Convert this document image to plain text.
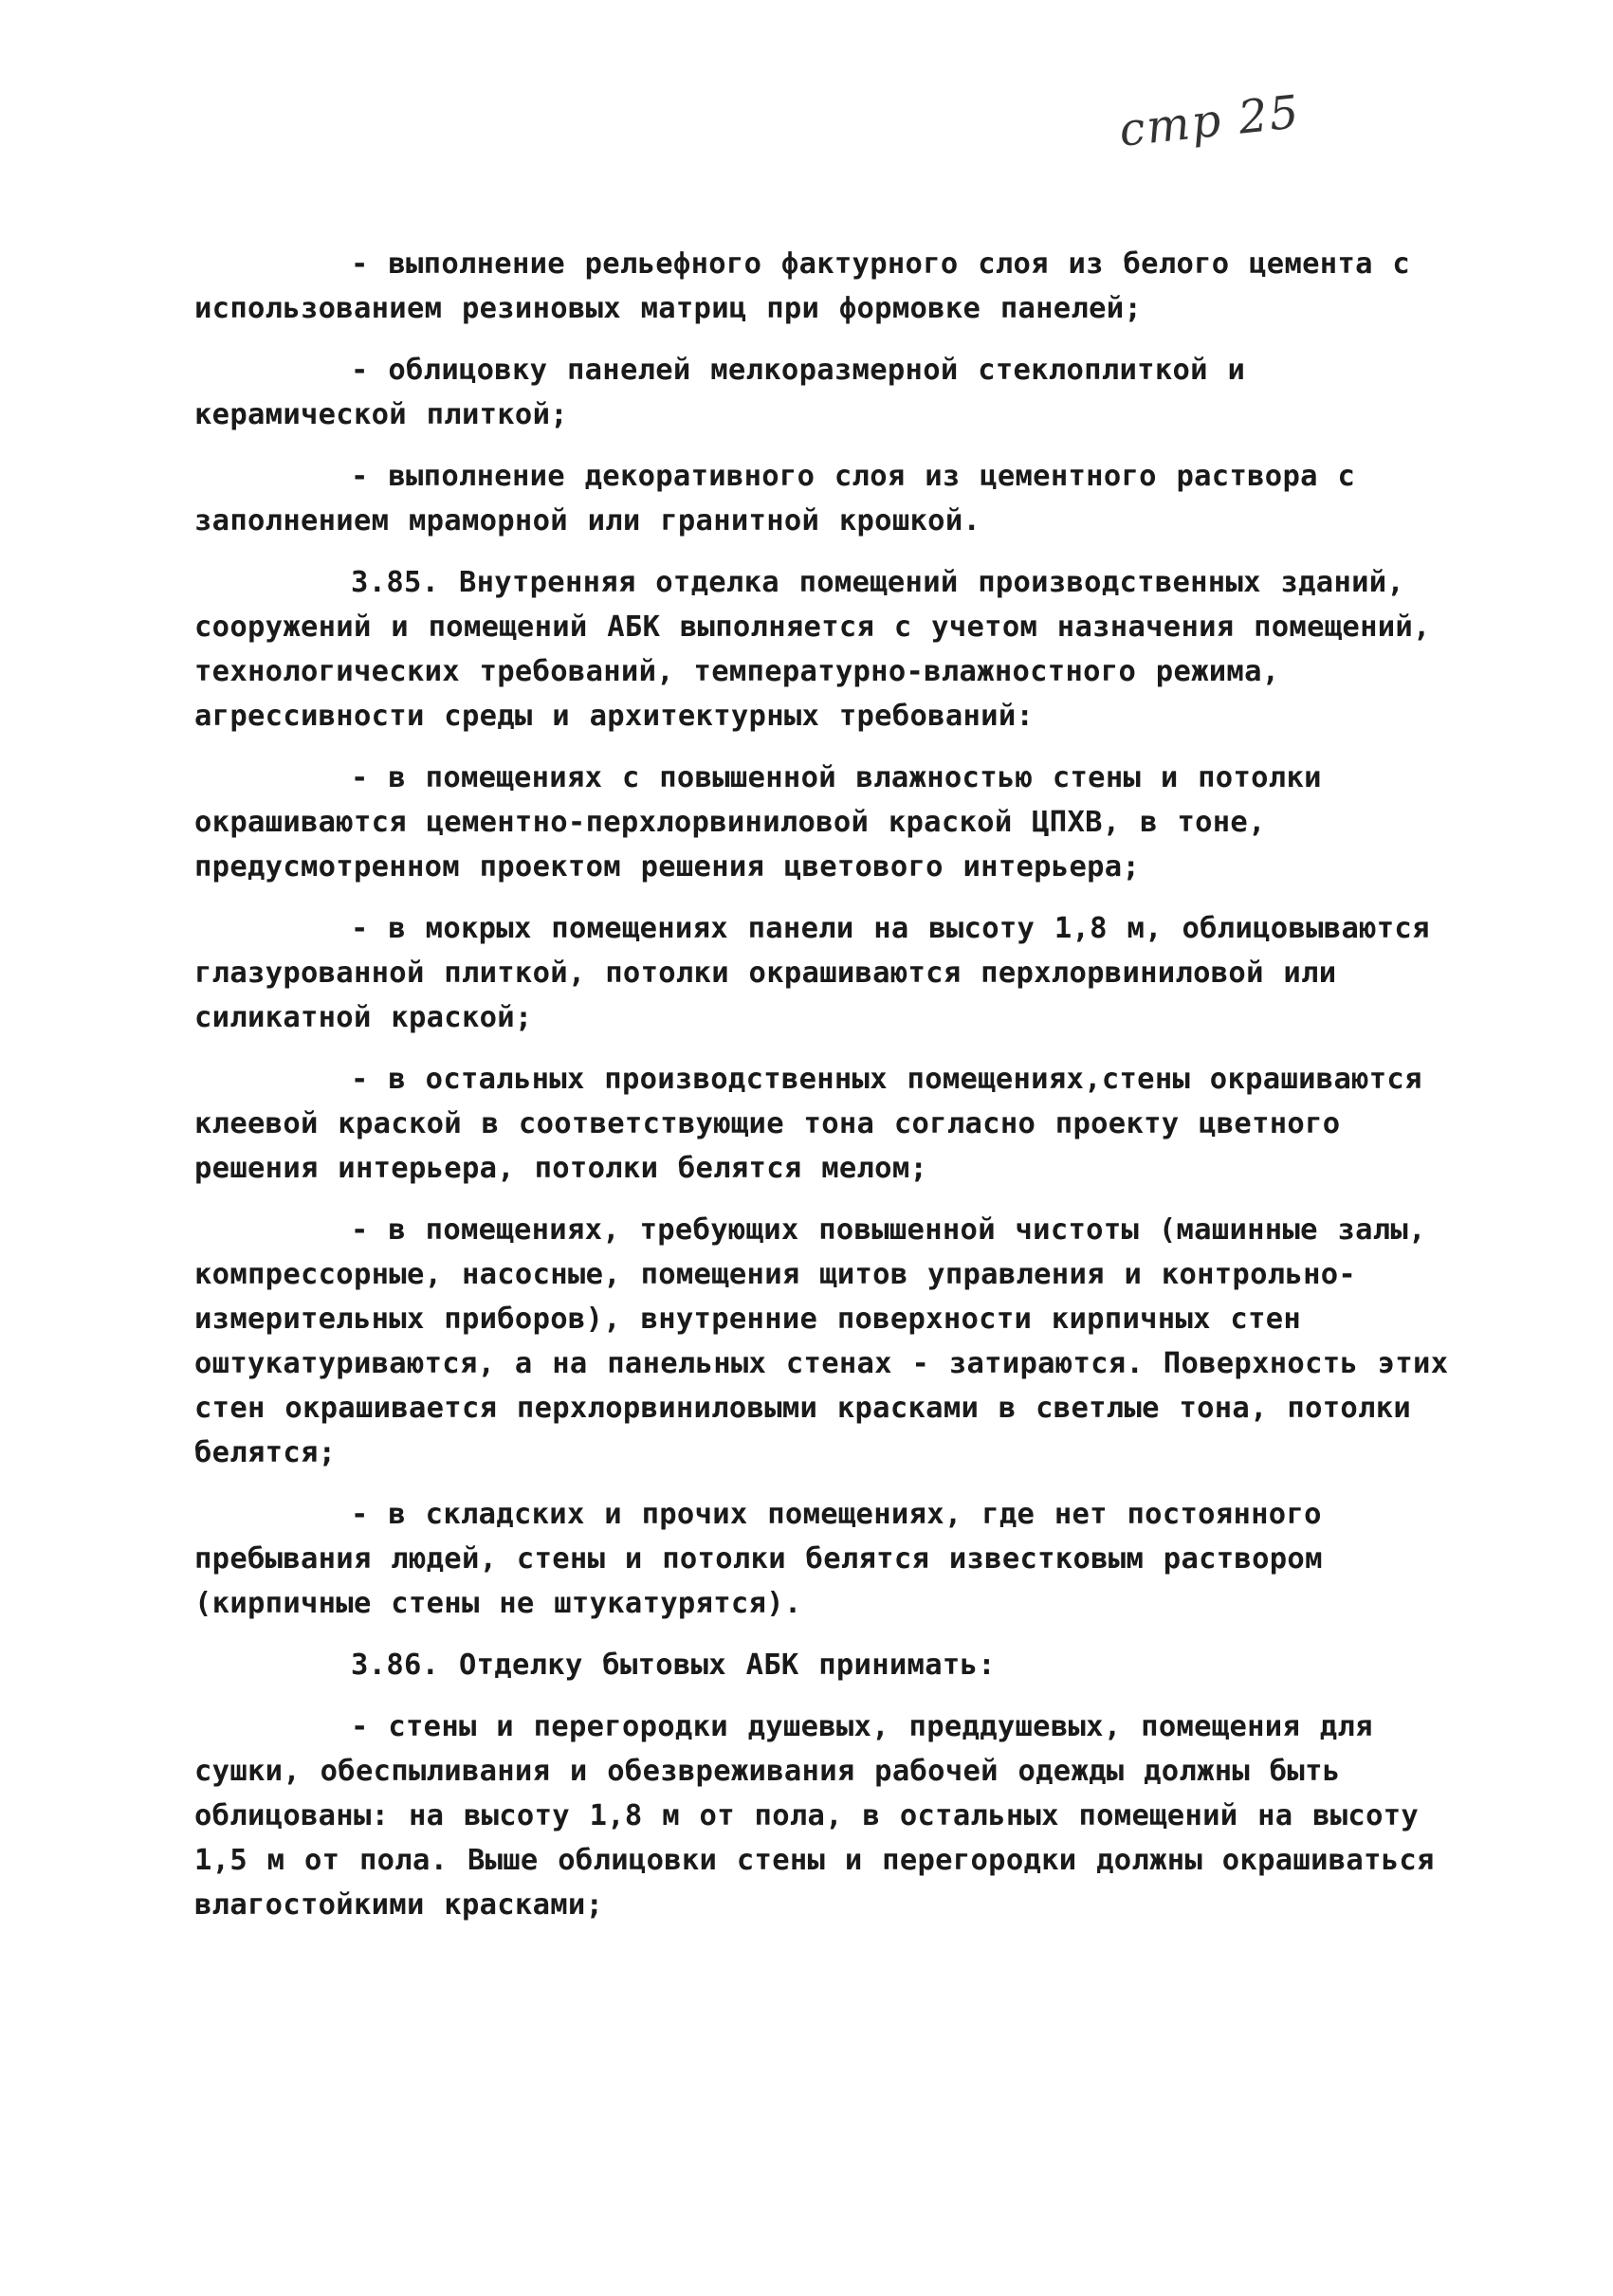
стр 25

- выполнение рельефного фактурного слоя из белого цемента с использованием резиновых матриц при формовке панелей;

- облицовку панелей мелкоразмерной стеклоплиткой и керамической плиткой;

- выполнение декоративного слоя из цементного раствора с заполнением мраморной или гранитной крошкой.

3.85. Внутренняя отделка помещений производственных зданий, сооружений и помещений АБК выполняется с учетом назначения помещений, технологических требований, температурно-влажностного режима, агрессивности среды и архитектурных требований:

- в помещениях с повышенной влажностью стены и потолки окрашиваются цементно-перхлорвиниловой краской ЦПХВ, в тоне, предусмотренном проектом решения цветового интерьера;

- в мокрых помещениях панели на высоту 1,8 м, облицовываются глазурованной плиткой, потолки окрашиваются перхлорвиниловой или силикатной краской;

- в остальных производственных помещениях,стены окрашиваются клеевой краской в соответствующие тона согласно проекту цветного решения интерьера, потолки белятся мелом;

- в помещениях, требующих повышенной чистоты (машинные залы, компрессорные, насосные, помещения щитов управления и контрольно-измерительных приборов), внутренние поверхности кирпичных стен оштукатуриваются, а на панельных стенах - затираются. Поверхность этих стен окрашивается перхлорвиниловыми красками в светлые тона, потолки белятся;

- в складских и прочих помещениях, где нет постоянного пребывания людей, стены и потолки белятся известковым раствором (кирпичные стены не штукатурятся).

3.86. Отделку бытовых АБК принимать:

- стены и перегородки душевых, преддушевых, помещения для сушки, обеспыливания и обезвреживания рабочей одежды должны быть облицованы: на высоту 1,8 м от пола, в остальных помещений на высоту 1,5 м от пола. Выше облицовки стены и перегородки должны окрашиваться влагостойкими красками;
